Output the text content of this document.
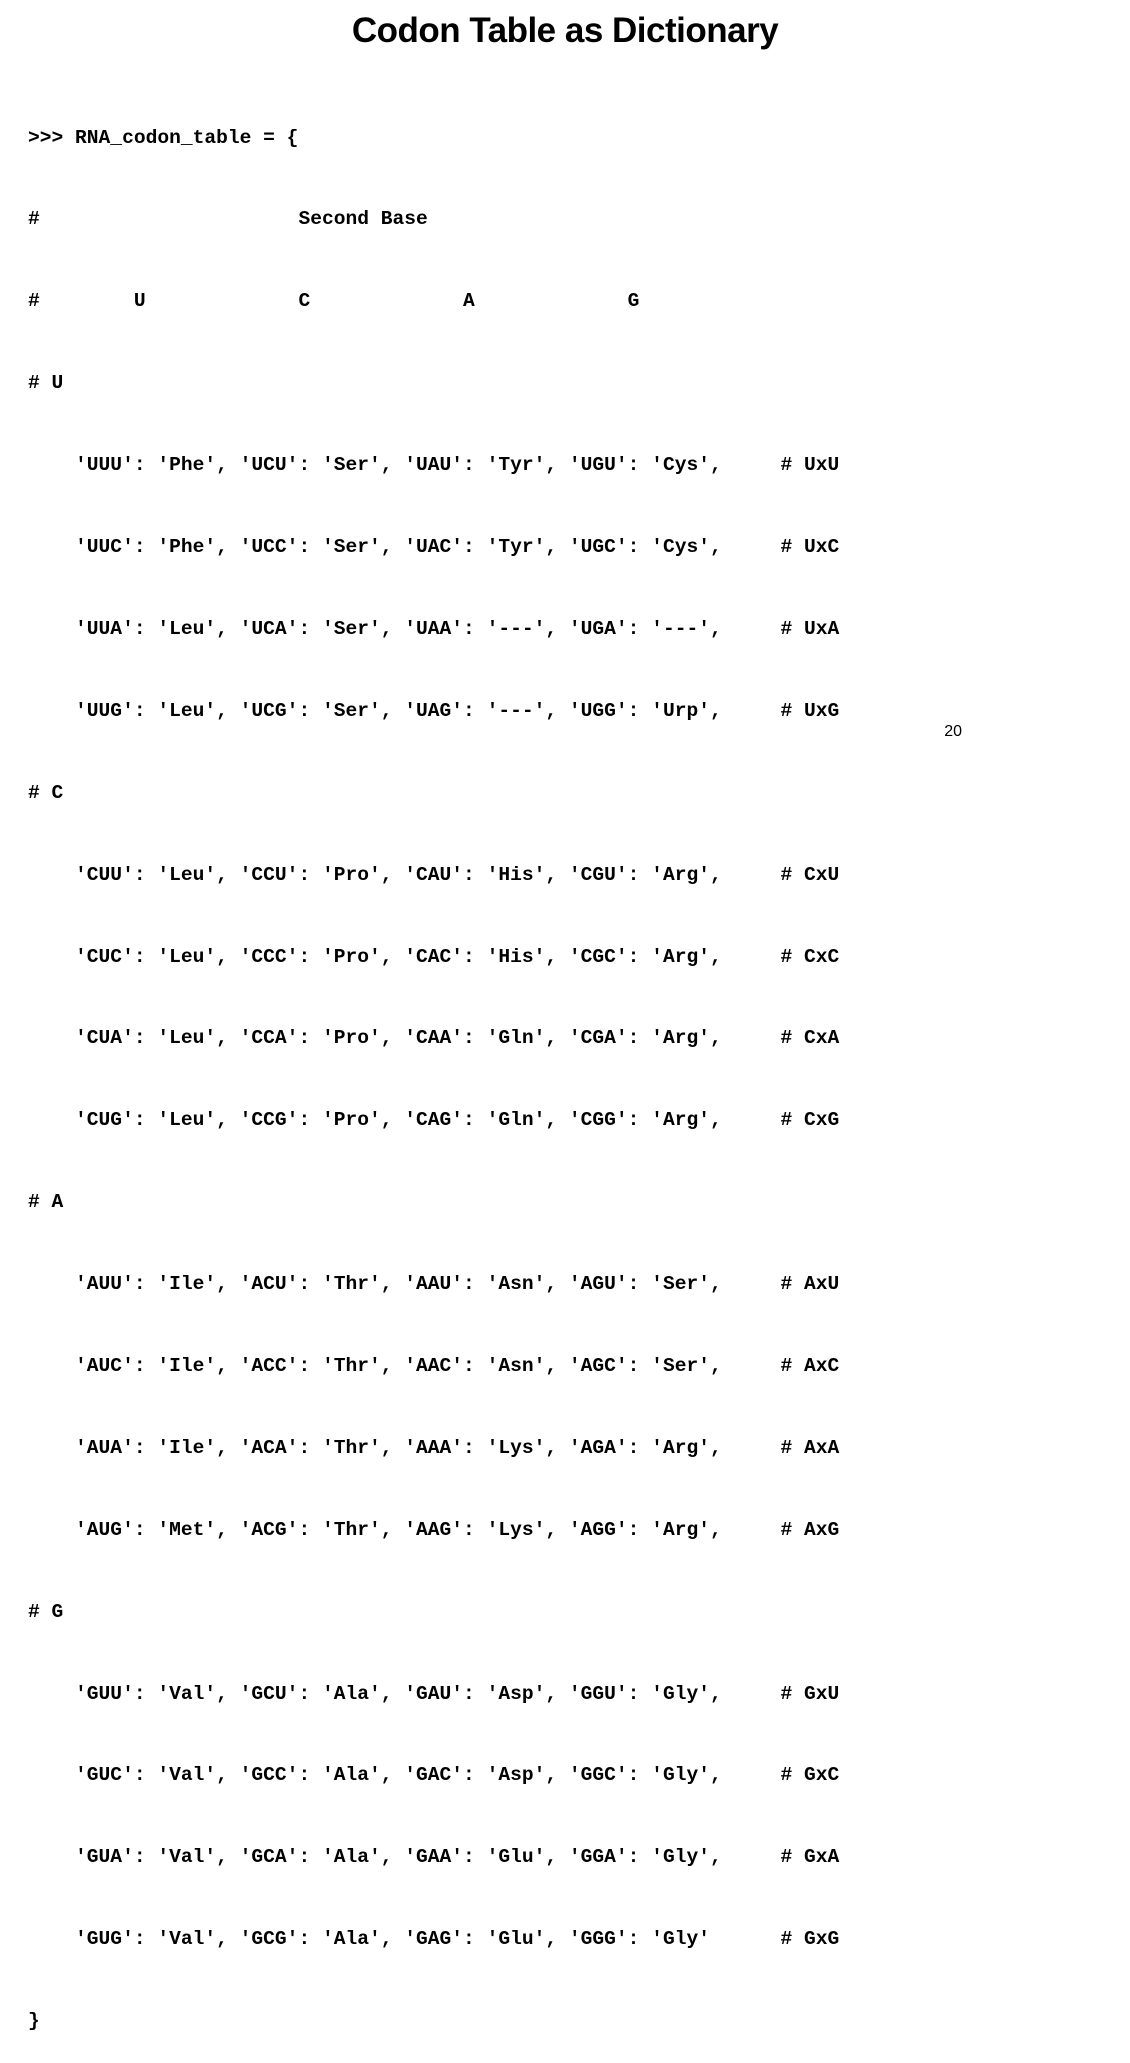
Codon Table as Dictionary

>>> RNA_codon_table = {

#                      Second Base

#        U             C             A             G

# U

'UUU': 'Phe', 'UCU': 'Ser', 'UAU': 'Tyr', 'UGU': 'Cys',     # UxU

'UUC': 'Phe', 'UCC': 'Ser', 'UAC': 'Tyr', 'UGC': 'Cys',     # UxC

'UUA': 'Leu', 'UCA': 'Ser', 'UAA': '---', 'UGA': '---',     # UxA

'UUG': 'Leu', 'UCG': 'Ser', 'UAG': '---', 'UGG': 'Urp',     # UxG

# C

'CUU': 'Leu', 'CCU': 'Pro', 'CAU': 'His', 'CGU': 'Arg',     # CxU

'CUC': 'Leu', 'CCC': 'Pro', 'CAC': 'His', 'CGC': 'Arg',     # CxC

'CUA': 'Leu', 'CCA': 'Pro', 'CAA': 'Gln', 'CGA': 'Arg',     # CxA

'CUG': 'Leu', 'CCG': 'Pro', 'CAG': 'Gln', 'CGG': 'Arg',     # CxG

# A

'AUU': 'Ile', 'ACU': 'Thr', 'AAU': 'Asn', 'AGU': 'Ser',     # AxU

'AUC': 'Ile', 'ACC': 'Thr', 'AAC': 'Asn', 'AGC': 'Ser',     # AxC

'AUA': 'Ile', 'ACA': 'Thr', 'AAA': 'Lys', 'AGA': 'Arg',     # AxA

'AUG': 'Met', 'ACG': 'Thr', 'AAG': 'Lys', 'AGG': 'Arg',     # AxG

# G

'GUU': 'Val', 'GCU': 'Ala', 'GAU': 'Asp', 'GGU': 'Gly',     # GxU

'GUC': 'Val', 'GCC': 'Ala', 'GAC': 'Asp', 'GGC': 'Gly',     # GxC

'GUA': 'Val', 'GCA': 'Ala', 'GAA': 'Glu', 'GGA': 'Gly',     # GxA

'GUG': 'Val', 'GCG': 'Ala', 'GAG': 'Glu', 'GGG': 'Gly'      # GxG

}

20
